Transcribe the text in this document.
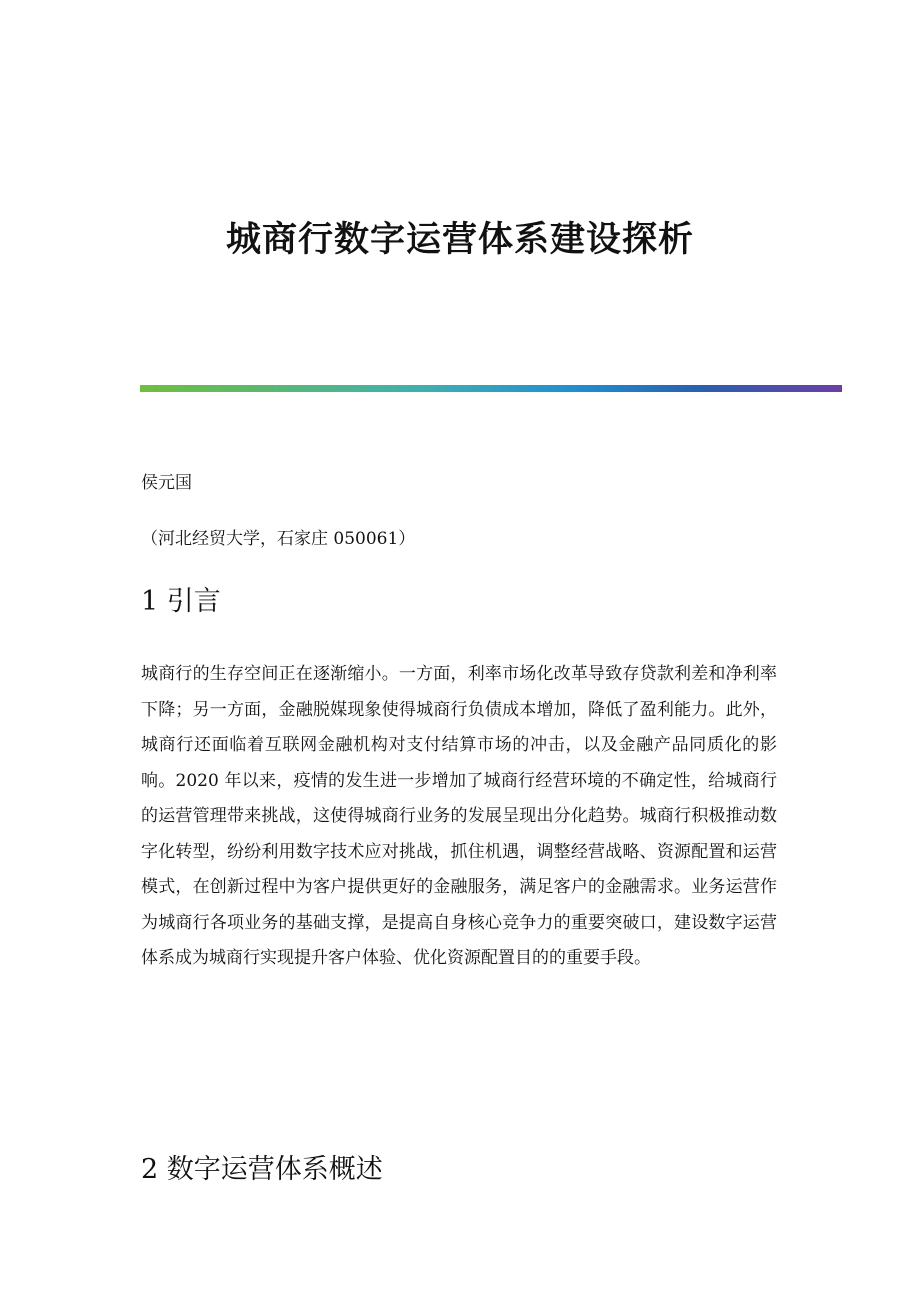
城商行数字运营体系建设探析

侯元国

（河北经贸大学，石家庄 050061）

1 引言

城商行的生存空间正在逐渐缩小。一方面，利率市场化改革导致存贷款利差和净利率下降；另一方面，金融脱媒现象使得城商行负债成本增加，降低了盈利能力。此外，城商行还面临着互联网金融机构对支付结算市场的冲击，以及金融产品同质化的影响。2020 年以来，疫情的发生进一步增加了城商行经营环境的不确定性，给城商行的运营管理带来挑战，这使得城商行业务的发展呈现出分化趋势。城商行积极推动数字化转型，纷纷利用数字技术应对挑战，抓住机遇，调整经营战略、资源配置和运营模式，在创新过程中为客户提供更好的金融服务，满足客户的金融需求。业务运营作为城商行各项业务的基础支撑，是提高自身核心竞争力的重要突破口，建设数字运营体系成为城商行实现提升客户体验、优化资源配置目的的重要手段。

2 数字运营体系概述
